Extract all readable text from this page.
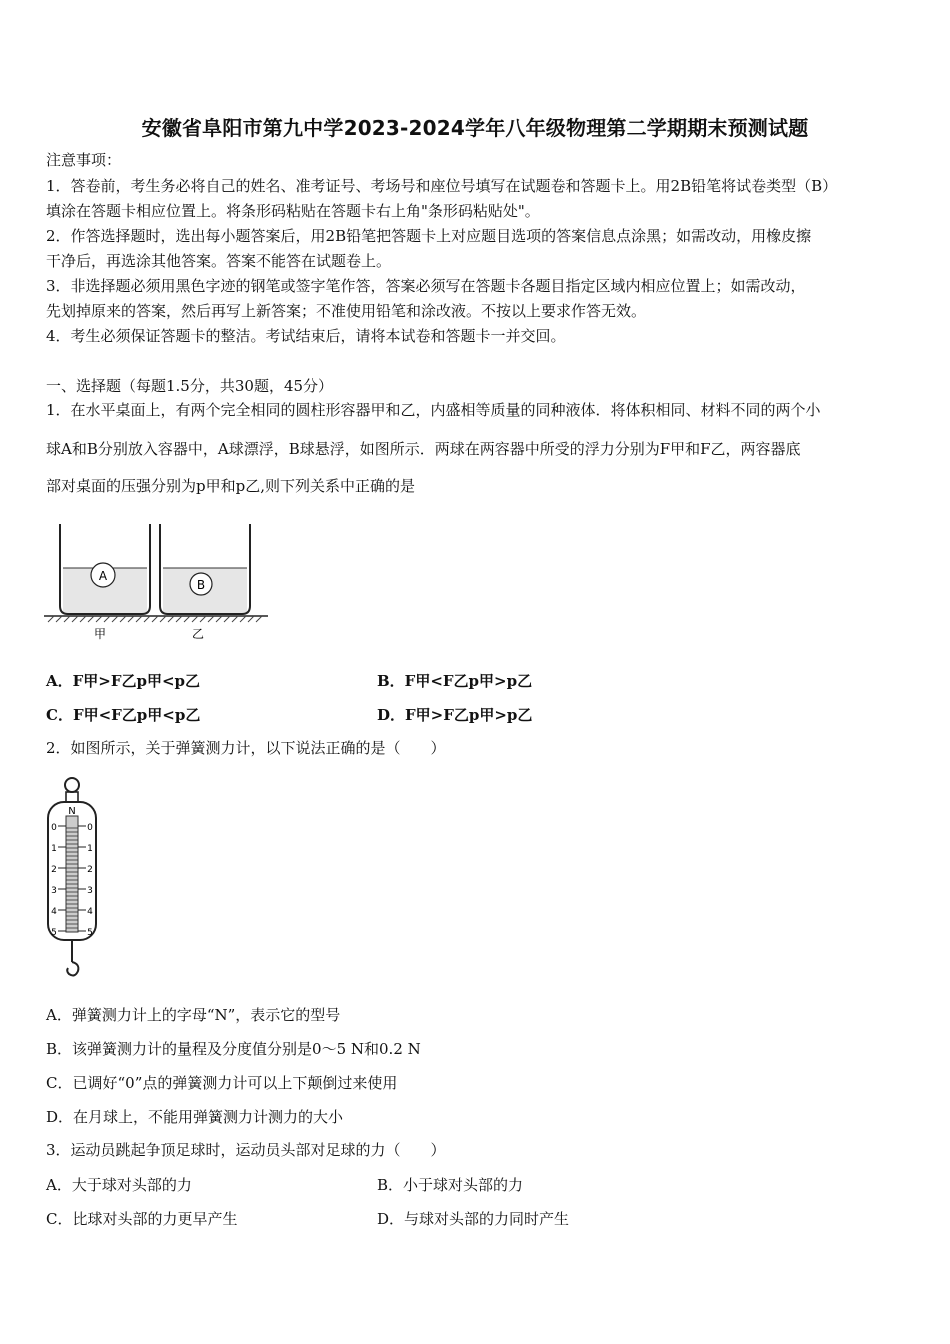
安徽省阜阳市第九中学2023-2024学年八年级物理第二学期期末预测试题
注意事项：
1．答卷前，考生务必将自己的姓名、准考证号、考场号和座位号填写在试题卷和答题卡上。用2B铅笔将试卷类型（B）
填涂在答题卡相应位置上。将条形码粘贴在答题卡右上角"条形码粘贴处"。
2．作答选择题时，选出每小题答案后，用2B铅笔把答题卡上对应题目选项的答案信息点涂黑；如需改动，用橡皮擦
干净后，再选涂其他答案。答案不能答在试题卷上。
3．非选择题必须用黑色字迹的钢笔或签字笔作答，答案必须写在答题卡各题目指定区域内相应位置上；如需改动，
先划掉原来的答案，然后再写上新答案；不准使用铅笔和涂改液。不按以上要求作答无效。
4．考生必须保证答题卡的整洁。考试结束后，请将本试卷和答题卡一并交回。
一、选择题（每题1.5分，共30题，45分）
1．在水平桌面上，有两个完全相同的圆柱形容器甲和乙，内盛相等质量的同种液体．将体积相同、材料不同的两个小
球A和B分别放入容器中，A球漂浮，B球悬浮，如图所示．两球在两容器中所受的浮力分别为F甲和F乙，两容器底
部对桌面的压强分别为p甲和p乙,则下列关系中正确的是
A
B
甲	乙
A．F甲>F乙p甲<p乙	B．F甲<F乙p甲>p乙
C．F甲<F乙p甲<p乙	D．F甲>F乙p甲>p乙
2．如图所示，关于弹簧测力计，以下说法正确的是（　　）
N
0
1
2
3
4
5
0
1
2
3
4
5
A．弹簧测力计上的字母“N”，表示它的型号
B．该弹簧测力计的量程及分度值分别是0～5 N和0.2 N
C．已调好“0”点的弹簧测力计可以上下颠倒过来使用
D．在月球上，不能用弹簧测力计测力的大小
3．运动员跳起争顶足球时，运动员头部对足球的力（　　）
A．大于球对头部的力	B．小于球对头部的力
C．比球对头部的力更早产生	D．与球对头部的力同时产生
